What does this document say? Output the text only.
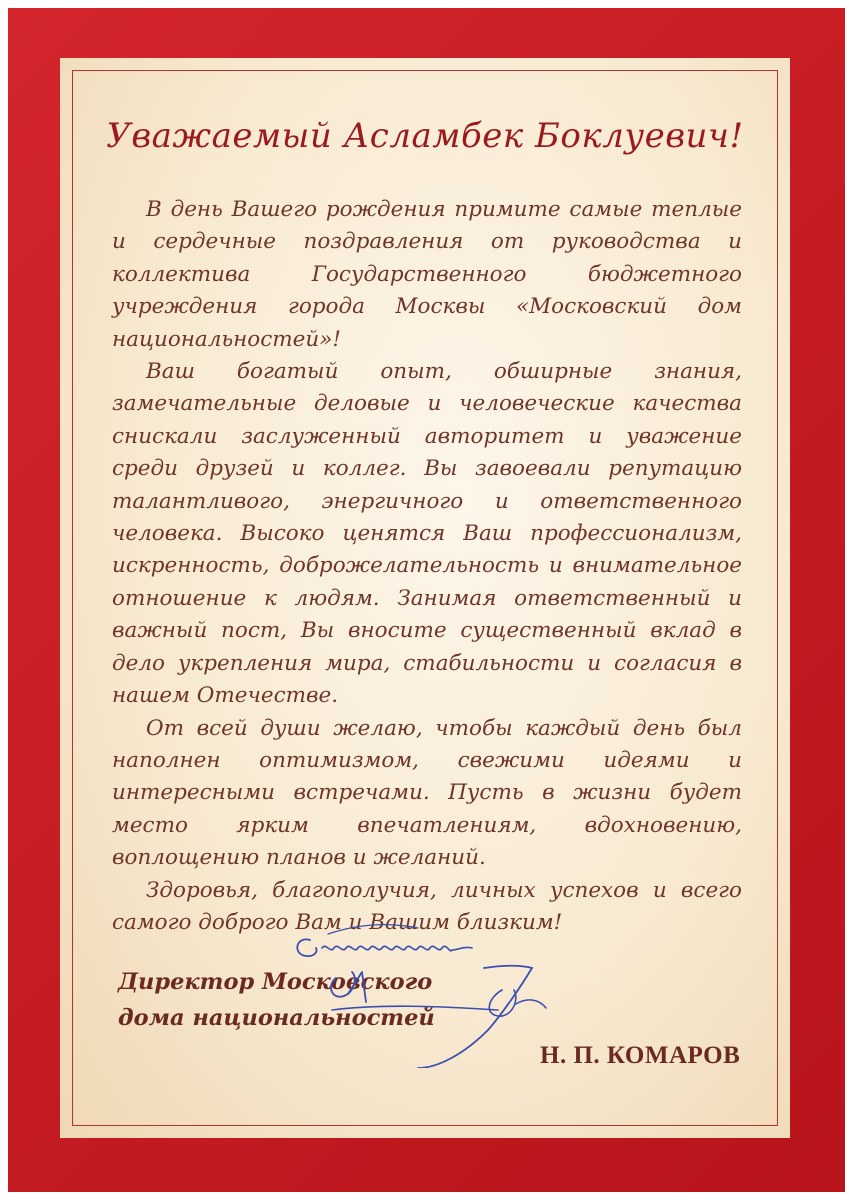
Уважаемый Асламбек Боклуевич!

В день Вашего рождения примите самые теплые и сердечные поздравления от руководства и коллектива Государственного бюджетного учреждения города Москвы «Московский дом национальностей»!

Ваш богатый опыт, обширные знания, замечательные деловые и человеческие качества снискали заслуженный авторитет и уважение среди друзей и коллег. Вы завоевали репутацию талантливого, энергичного и ответственного человека. Высоко ценятся Ваш профессионализм, искренность, доброжелательность и внимательное отношение к людям. Занимая ответственный и важный пост, Вы вносите существенный вклад в дело укрепления мира, стабильности и согласия в нашем Отечестве.

От всей души желаю, чтобы каждый день был наполнен оптимизмом, свежими идеями и интересными встречами. Пусть в жизни будет место ярким впечатлениям, вдохновению, воплощению планов и желаний.

Здоровья, благополучия, личных успехов и всего самого доброго Вам и Вашим близким!

Директор Московского
дома национальностей
Н. П. КОМАРОВ
